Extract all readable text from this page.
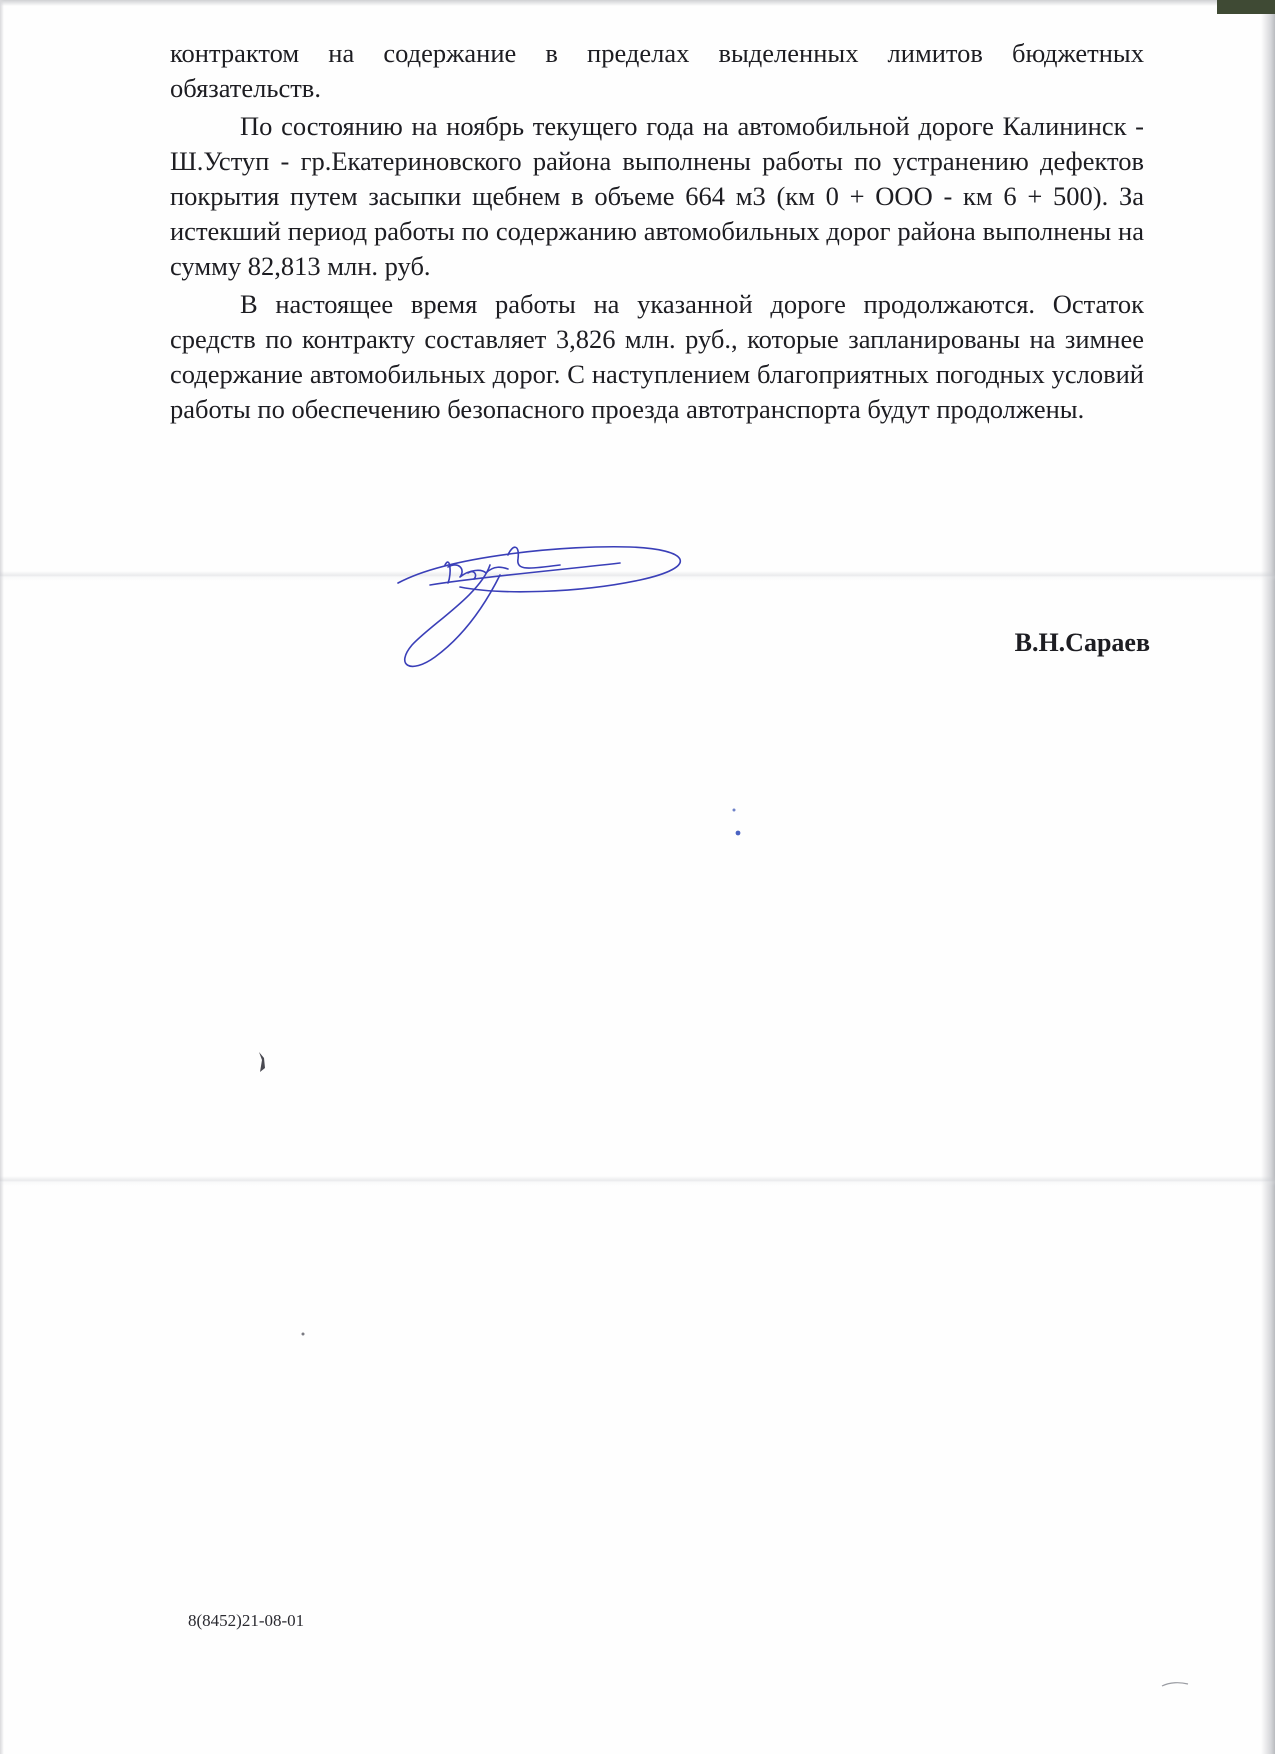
контрактом на содержание в пределах выделенных лимитов бюджетных обязательств.

По состоянию на ноябрь текущего года на автомобильной дороге Калининск - Ш.Уступ - гр.Екатериновского района выполнены работы по устранению дефектов покрытия путем засыпки щебнем в объеме 664 м3 (км 0 + ООО - км 6 + 500). За истекший период работы по содержанию автомобильных дорог района выполнены на сумму 82,813 млн. руб.

В настоящее время работы на указанной дороге продолжаются. Остаток средств по контракту составляет 3,826 млн. руб., которые запланированы на зимнее содержание автомобильных дорог. С наступлением благоприятных погодных условий работы по обеспечению безопасного проезда автотранспорта будут продолжены.

В.Н.Сараев
8(8452)21-08-01
